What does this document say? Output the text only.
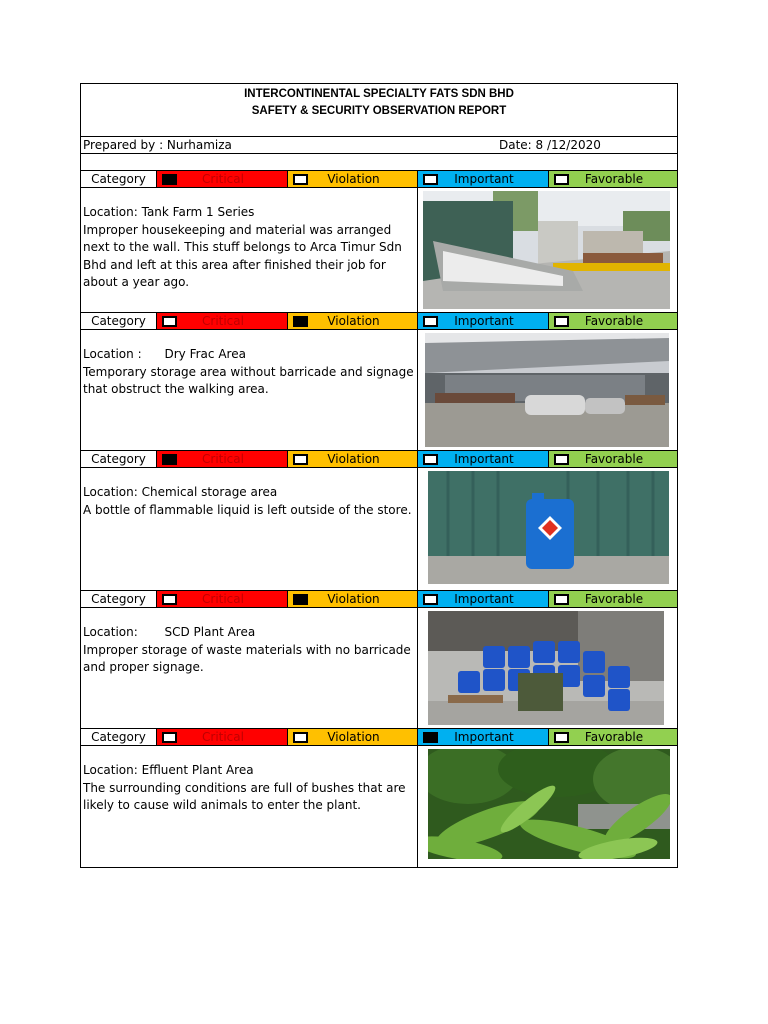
INTERCONTINENTAL SPECIALTY FATS SDN BHD
SAFETY & SECURITY OBSERVATION REPORT
Prepared by : Nurhamiza	Date: 8 /12/2020
Category	Critical	Violation	Important	Favorable
Location: Tank Farm 1 Series
Improper housekeeping and material was arranged next to the wall. This stuff belongs to Arca Timur Sdn Bhd and left at this area after finished their job for about a year ago.
Category	Critical	Violation	Important	Favorable
Location :      Dry Frac Area
Temporary storage area without barricade and signage that obstruct the walking area.
Category	Critical	Violation	Important	Favorable
Location: Chemical storage area
A bottle of flammable liquid is left outside of the store.
Category	Critical	Violation	Important	Favorable
Location:       SCD Plant Area
Improper storage of waste materials with no barricade and proper signage.
Category	Critical	Violation	Important	Favorable
Location: Effluent Plant Area
The surrounding conditions are full of bushes that are likely to cause wild animals to enter the plant.
